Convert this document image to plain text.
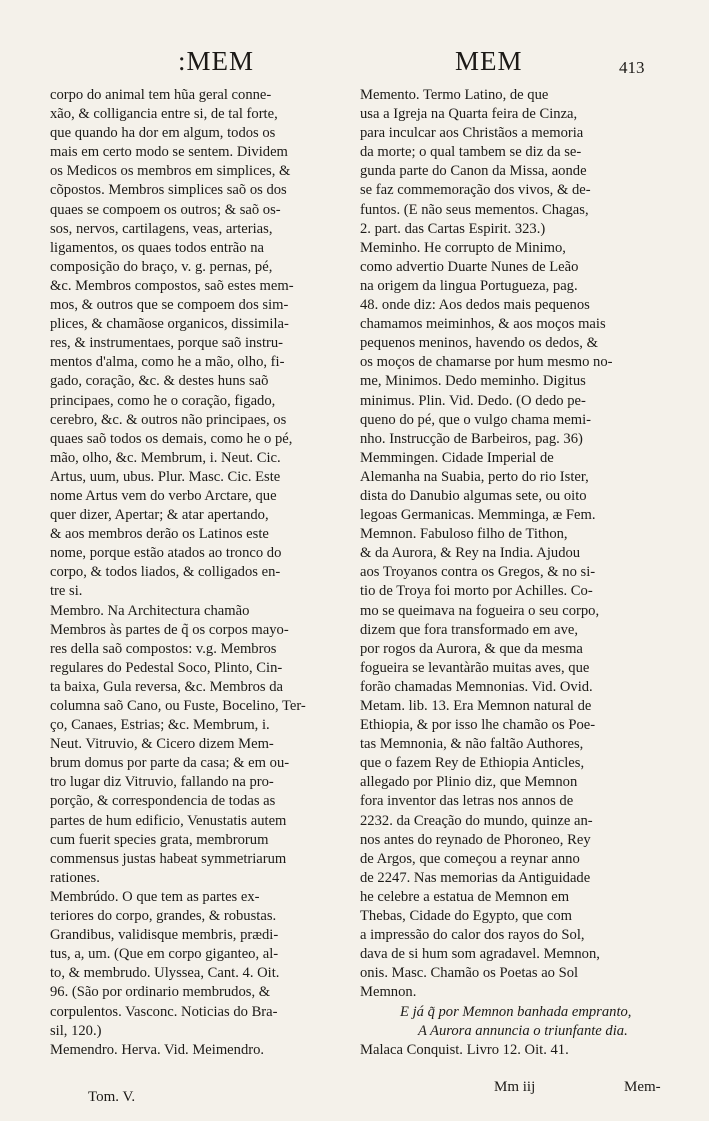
:MEM	MEM	413
corpo do animal tem hũa geral conne-
xão, & colligancia entre si, de tal forte,
que quando ha dor em algum, todos os
mais em certo modo se sentem. Dividem
os Medicos os membros em simplices, &
cõpostos. Membros simplices saõ os dos
quaes se compoem os outros; & saõ os-
sos, nervos, cartilagens, veas, arterias,
ligamentos, os quaes todos entrão na
composição do braço, v. g. pernas, pé,
&c. Membros compostos, saõ estes mem-
mos, & outros que se compoem dos sim-
plices, & chamãose organicos, dissimila-
res, & instrumentaes, porque saõ instru-
mentos d'alma, como he a mão, olho, fi-
gado, coração, &c. & destes huns saõ
principaes, como he o coração, figado,
cerebro, &c. & outros não principaes, os
quaes saõ todos os demais, como he o pé,
mão, olho, &c. Membrum, i. Neut. Cic.
Artus, uum, ubus. Plur. Masc. Cic. Este
nome Artus vem do verbo Arctare, que
quer dizer, Apertar; & atar apertando,
& aos membros derão os Latinos este
nome, porque estão atados ao tronco do
corpo, & todos liados, & colligados en-
tre si.
Membro. Na Architectura chamão
Membros às partes de q̃ os corpos mayo-
res della saõ compostos: v.g. Membros
regulares do Pedestal Soco, Plinto, Cin-
ta baixa, Gula reversa, &c. Membros da
columna saõ Cano, ou Fuste, Bocelino, Ter-
ço, Canaes, Estrias; &c. Membrum, i.
Neut. Vitruvio, & Cicero dizem Mem-
brum domus por parte da casa; & em ou-
tro lugar diz Vitruvio, fallando na pro-
porção, & correspondencia de todas as
partes de hum edificio, Venustatis autem
cum fuerit species grata, membrorum
commensus justas habeat symmetriarum
rationes.
Membrúdo. O que tem as partes ex-
teriores do corpo, grandes, & robustas.
Grandibus, validisque membris, prædi-
tus, a, um. (Que em corpo giganteo, al-
to, & membrudo. Ulyssea, Cant. 4. Oit.
96. (São por ordinario membrudos, &
corpulentos. Vasconc. Noticias do Bra-
sil, 120.)
Memendro. Herva. Vid. Meimendro.
Memento. Termo Latino, de que
usa a Igreja na Quarta feira de Cinza,
para inculcar aos Christãos a memoria
da morte; o qual tambem se diz da se-
gunda parte do Canon da Missa, aonde
se faz commemoração dos vivos, & de-
funtos. (E não seus mementos. Chagas,
2. part. das Cartas Espirit. 323.)
Meminho. He corrupto de Minimo,
como advertio Duarte Nunes de Leão
na origem da lingua Portugueza, pag.
48. onde diz: Aos dedos mais pequenos
chamamos meiminhos, & aos moços mais
pequenos meninos, havendo os dedos, &
os moços de chamarse por hum mesmo no-
me, Minimos. Dedo meminho. Digitus
minimus. Plin. Vid. Dedo. (O dedo pe-
queno do pé, que o vulgo chama memi-
nho. Instrucção de Barbeiros, pag. 36)
Memmingen. Cidade Imperial de
Alemanha na Suabia, perto do rio Ister,
dista do Danubio algumas sete, ou oito
legoas Germanicas. Memminga, æ Fem.
Memnon. Fabuloso filho de Tithon,
& da Aurora, & Rey na India. Ajudou
aos Troyanos contra os Gregos, & no si-
tio de Troya foi morto por Achilles. Co-
mo se queimava na fogueira o seu corpo,
dizem que fora transformado em ave,
por rogos da Aurora, & que da mesma
fogueira se levantàrão muitas aves, que
forão chamadas Memnonias. Vid. Ovid.
Metam. lib. 13. Era Memnon natural de
Ethiopia, & por isso lhe chamão os Poe-
tas Memnonia, & não faltão Authores,
que o fazem Rey de Ethiopia Anticles,
allegado por Plinio diz, que Memnon
fora inventor das letras nos annos de
2232. da Creação do mundo, quinze an-
nos antes do reynado de Phoroneo, Rey
de Argos, que começou a reynar anno
de 2247. Nas memorias da Antiguidade
he celebre a estatua de Memnon em
Thebas, Cidade do Egypto, que com
a impressão do calor dos rayos do Sol,
dava de si hum som agradavel. Memnon,
onis. Masc. Chamão os Poetas ao Sol
Memnon.
E já q̃ por Memnon banhada empranto,
A Aurora annuncia o triunfante dia.
Malaca Conquist. Livro 12. Oit. 41.
Tom. V.
Mm iij	Mem-
